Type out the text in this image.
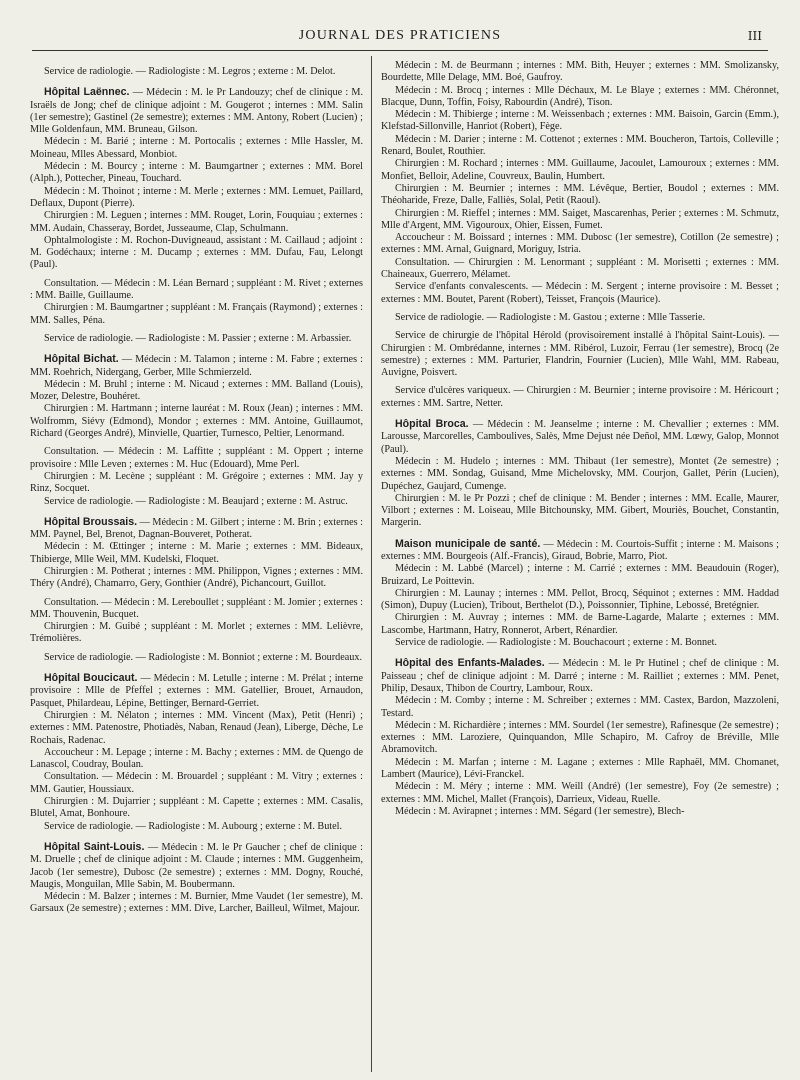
JOURNAL DES PRATICIENS	III

Service de radiologie. — Radiologiste : M. Legros ; externe : M. Delot.

Hôpital Laënnec. — Médecin : M. le Pr Landouzy; chef de clinique : M. Israëls de Jong; chef de clinique adjoint : M. Gougerot ; internes : MM. Salin (1er semestre); Gastinel (2e semestre); externes : MM. Antony, Robert (Lucien) ; Mlle Goldenfaun, MM. Bruneau, Gilson.

Médecin : M. Barié ; interne : M. Portocalis ; externes : Mlle Hassler, M. Moineau, Mlles Abessard, Monbiot.

Médecin : M. Bourcy ; interne : M. Baumgartner ; externes : MM. Borel (Alph.), Pottecher, Pineau, Touchard.

Médecin : M. Thoinot ; interne : M. Merle ; externes : MM. Lemuet, Paillard, Deflaux, Dupont (Pierre).

Chirurgien : M. Leguen ; internes : MM. Rouget, Lorin, Fouquiau ; externes : MM. Audain, Chasseray, Bordet, Jusseaume, Clap, Schulmann.

Ophtalmologiste : M. Rochon-Duvigneaud, assistant : M. Caillaud ; adjoint : M. Godéchaux; interne : M. Ducamp ; externes : MM. Dufau, Fau, Lelongt (Paul).

Consultation. — Médecin : M. Léan Bernard ; suppléant : M. Rivet ; externes : MM. Baille, Guillaume.

Chirurgien : M. Baumgartner ; suppléant : M. Français (Raymond) ; externes : MM. Salles, Péna.

Service de radiologie. — Radiologiste : M. Passier ; externe : M. Arbassier.

Hôpital Bichat. — Médecin : M. Talamon ; interne : M. Fabre ; externes : MM. Roehrich, Nidergang, Gerber, Mlle Schmierzeld.

Médecin : M. Bruhl ; interne : M. Nicaud ; externes : MM. Balland (Louis), Mozer, Delestre, Bouhéret.

Chirurgien : M. Hartmann ; interne lauréat : M. Roux (Jean) ; internes : MM. Wolfromm, Siévy (Edmond), Mondor ; externes : MM. Antoine, Guillaumot, Richard (Georges André), Minvielle, Quartier, Turnesco, Peltier, Lenormand.

Consultation. — Médecin : M. Laffitte ; suppléant : M. Oppert ; interne provisoire : Mlle Leven ; externes : M. Huc (Edouard), Mme Perl.

Chirurgien : M. Lecène ; suppléant : M. Grégoire ; externes : MM. Jay y Rinz, Socquet.

Service de radiologie. — Radiologiste : M. Beaujard ; externe : M. Astruc.

Hôpital Broussais. — Médecin : M. Gilbert ; interne : M. Brin ; externes : MM. Paynel, Bel, Brenot, Dagnan-Bouveret, Potherat.

Médecin : M. Œttinger ; interne : M. Marie ; externes : MM. Bideaux, Thibierge, Mlle Weil, MM. Kudelski, Floquet.

Chirurgien : M. Potherat ; internes : MM. Philippon, Vignes ; externes : MM. Théry (André), Chamarro, Gery, Gonthier (André), Pichancourt, Guillot.

Consultation. — Médecin : M. Lereboullet ; suppléant : M. Jomier ; externes : MM. Thouvenin, Bucquet.

Chirurgien : M. Guibé ; suppléant : M. Morlet ; externes : MM. Lelièvre, Trémolières.

Service de radiologie. — Radiologiste : M. Bonniot ; externe : M. Bourdeaux.

Hôpital Boucicaut. — Médecin : M. Letulle ; interne : M. Prélat ; interne provisoire : Mlle de Pfeffel ; externes : MM. Gatellier, Brouet, Arnaudon, Pasquet, Philardeau, Lépine, Bettinger, Bernard-Gerriet.

Chirurgien : M. Nélaton ; internes : MM. Vincent (Max), Petit (Henri) ; externes : MM. Patenostre, Photiadès, Naban, Renaud (Jean), Liberge, Dèche, Le Rochais, Radenac.

Accoucheur : M. Lepage ; interne : M. Bachy ; externes : MM. de Quengo de Lanascol, Coudray, Boulan.

Consultation. — Médecin : M. Brouardel ; suppléant : M. Vitry ; externes : MM. Gautier, Houssiaux.

Chirurgien : M. Dujarrier ; suppléant : M. Capette ; externes : MM. Casalis, Blutel, Amat, Bonhoure.

Service de radiologie. — Radiologiste : M. Aubourg ; externe : M. Butel.

Hôpital Saint-Louis. — Médecin : M. le Pr Gaucher ; chef de clinique : M. Druelle ; chef de clinique adjoint : M. Claude ; internes : MM. Guggenheim, Jacob (1er semestre), Dubosc (2e semestre) ; externes : MM. Dogny, Rouché, Maugis, Monguilan, Mlle Sabin, M. Boubermann.

Médecin : M. Balzer ; internes : M. Burnier, Mme Vaudet (1er semestre), M. Garsaux (2e semestre) ; externes : MM. Dive, Larcher, Bailleul, Wilmet, Majour.

Médecin : M. de Beurmann ; internes : MM. Bith, Heuyer ; externes : MM. Smolizansky, Bourdette, Mlle Delage, MM. Boé, Gaufroy.

Médecin : M. Brocq ; internes : Mlle Déchaux, M. Le Blaye ; externes : MM. Chéronnet, Blacque, Dunn, Toffin, Foisy, Rabourdin (André), Tison.

Médecin : M. Thibierge ; interne : M. Weissenbach ; externes : MM. Baisoin, Garcin (Emm.), Klefstad-Sillonville, Hanriot (Robert), Fège.

Médecin : M. Darier ; interne : M. Cottenot ; externes : MM. Boucheron, Tartois, Colleville ; Renard, Boulet, Routhier.

Chirurgien : M. Rochard ; internes : MM. Guillaume, Jacoulet, Lamouroux ; externes : MM. Monfiet, Belloir, Adeline, Couvreux, Baulin, Humbert.

Chirurgien : M. Beurnier ; internes : MM. Lévêque, Bertier, Boudol ; externes : MM. Théoharide, Freze, Dalle, Falliès, Solal, Petit (Raoul).

Chirurgien : M. Rieffel ; internes : MM. Saiget, Mascarenhas, Perier ; externes : M. Schmutz, Mlle d'Argent, MM. Vigouroux, Ohier, Eissen, Fumet.

Accoucheur : M. Boissard ; internes : MM. Dubosc (1er semestre), Cotillon (2e semestre) ; externes : MM. Arnal, Guignard, Moriguy, Istria.

Consultation. — Chirurgien : M. Lenormant ; suppléant : M. Morisetti ; externes : MM. Chaineaux, Guerrero, Mélamet.

Service d'enfants convalescents. — Médecin : M. Sergent ; interne provisoire : M. Besset ; externes : MM. Boutet, Parent (Robert), Teisset, François (Maurice).

Service de radiologie. — Radiologiste : M. Gastou ; externe : Mlle Tasserie.

Service de chirurgie de l'hôpital Hérold (provisoirement installé à l'hôpital Saint-Louis). — Chirurgien : M. Ombrédanne, internes : MM. Ribérol, Luzoir, Ferrau (1er semestre), Brocq (2e semestre) ; externes : MM. Parturier, Flandrin, Fournier (Lucien), Mlle Wahl, MM. Rabeau, Auvigne, Poisvert.

Service d'ulcères variqueux. — Chirurgien : M. Beurnier ; interne provisoire : M. Héricourt ; externes : MM. Sartre, Netter.

Hôpital Broca. — Médecin : M. Jeanselme ; interne : M. Chevallier ; externes : MM. Larousse, Marcorelles, Camboulives, Salès, Mme Dejust née Deñol, MM. Lœwy, Galop, Monnot (Paul).

Médecin : M. Hudelo ; internes : MM. Thibaut (1er semestre), Montet (2e semestre) ; externes : MM. Sondag, Guisand, Mme Michelovsky, MM. Courjon, Gallet, Périn (Lucien), Dupéchez, Gaujard, Cumenge.

Chirurgien : M. le Pr Pozzi ; chef de clinique : M. Bender ; internes : MM. Ecalle, Maurer, Vilbort ; externes : M. Loiseau, Mlle Bitchounsky, MM. Gibert, Mouriès, Bouchet, Constantin, Margerin.

Maison municipale de santé. — Médecin : M. Courtois-Suffit ; interne : M. Maisons ; externes : MM. Bourgeois (Alf.-Francis), Giraud, Bobrie, Marro, Piot.

Médecin : M. Labbé (Marcel) ; interne : M. Carrié ; externes : MM. Beaudouin (Roger), Bruizard, Le Poittevin.

Chirurgien : M. Launay ; internes : MM. Pellot, Brocq, Séquinot ; externes : MM. Haddad (Simon), Dupuy (Lucien), Tribout, Berthelot (D.), Poissonnier, Tiphine, Lebossé, Bretégnier.

Chirurgien : M. Auvray ; internes : MM. de Barne-Lagarde, Malarte ; externes : MM. Lascombe, Hartmann, Hatry, Ronnerot, Arbert, Rénardier.

Service de radiologie. — Radiologiste : M. Bouchacourt ; externe : M. Bonnet.

Hôpital des Enfants-Malades. — Médecin : M. le Pr Hutinel ; chef de clinique : M. Paisseau ; chef de clinique adjoint : M. Darré ; interne : M. Railliet ; externes : MM. Penet, Philip, Desaux, Thibon de Courtry, Lambour, Roux.

Médecin : M. Comby ; interne : M. Schreiber ; externes : MM. Castex, Bardon, Mazzoleni, Testard.

Médecin : M. Richardière ; internes : MM. Sourdel (1er semestre), Rafinesque (2e semestre) ; externes : MM. Laroziere, Quinquandon, Mlle Schapiro, M. Cafroy de Bréville, Mlle Abramovitch.

Médecin : M. Marfan ; interne : M. Lagane ; externes : Mlle Raphaël, MM. Chomanet, Lambert (Maurice), Lévi-Franckel.

Médecin : M. Méry ; interne : MM. Weill (André) (1er semestre), Foy (2e semestre) ; externes : MM. Michel, Mallet (François), Darrieux, Videau, Ruelle.

Médecin : M. Avirapnet ; internes : MM. Ségard (1er semestre), Blech-
